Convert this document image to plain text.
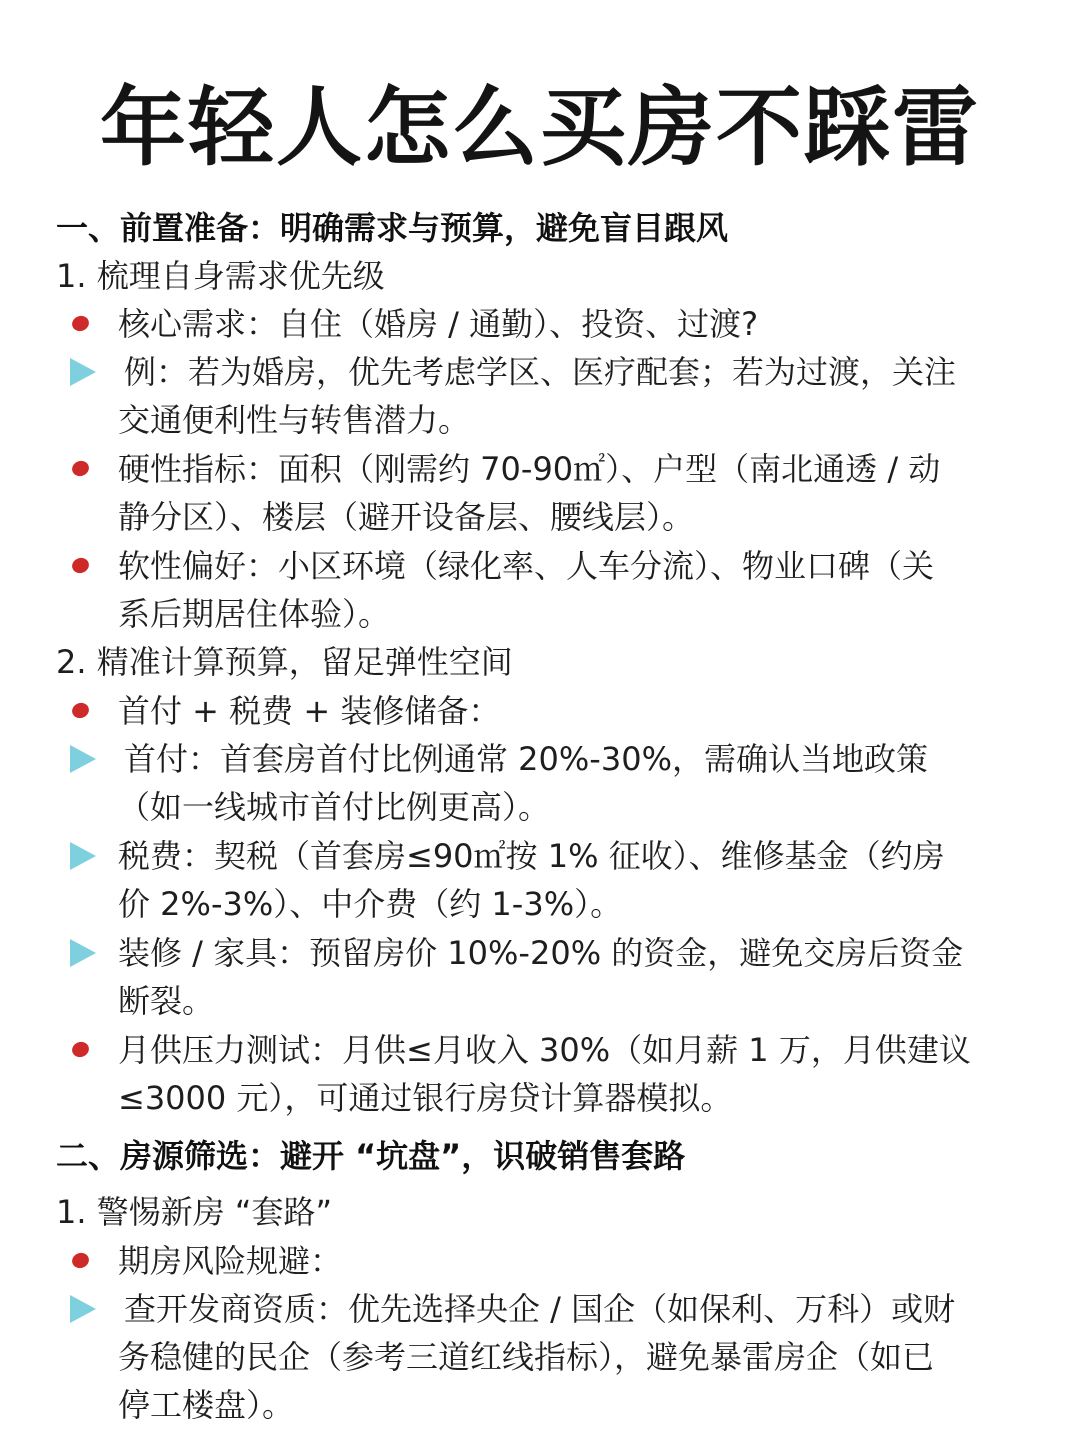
年轻人怎么买房不踩雷
一、前置准备：明确需求与预算，避免盲目跟风
1. 梳理自身需求优先级
核心需求：自住（婚房 / 通勤）、投资、过渡?
例：若为婚房，优先考虑学区、医疗配套；若为过渡，关注
交通便利性与转售潜力。
硬性指标：面积（刚需约 70-90㎡）、户型（南北通透 / 动
静分区）、楼层（避开设备层、腰线层）。
软性偏好：小区环境（绿化率、人车分流）、物业口碑（关
系后期居住体验）。
2. 精准计算预算，留足弹性空间
首付 + 税费 + 装修储备：
首付：首套房首付比例通常 20%-30%，需确认当地政策
（如一线城市首付比例更高）。
税费：契税（首套房≤90㎡按 1% 征收）、维修基金（约房
价 2%-3%）、中介费（约 1-3%）。
装修 / 家具：预留房价 10%-20% 的资金，避免交房后资金
断裂。
月供压力测试：月供≤月收入 30%（如月薪 1 万，月供建议
≤3000 元），可通过银行房贷计算器模拟。
二、房源筛选：避开 “坑盘”，识破销售套路
1. 警惕新房 “套路”
期房风险规避：
查开发商资质：优先选择央企 / 国企（如保利、万科）或财
务稳健的民企（参考三道红线指标），避免暴雷房企（如已
停工楼盘）。
